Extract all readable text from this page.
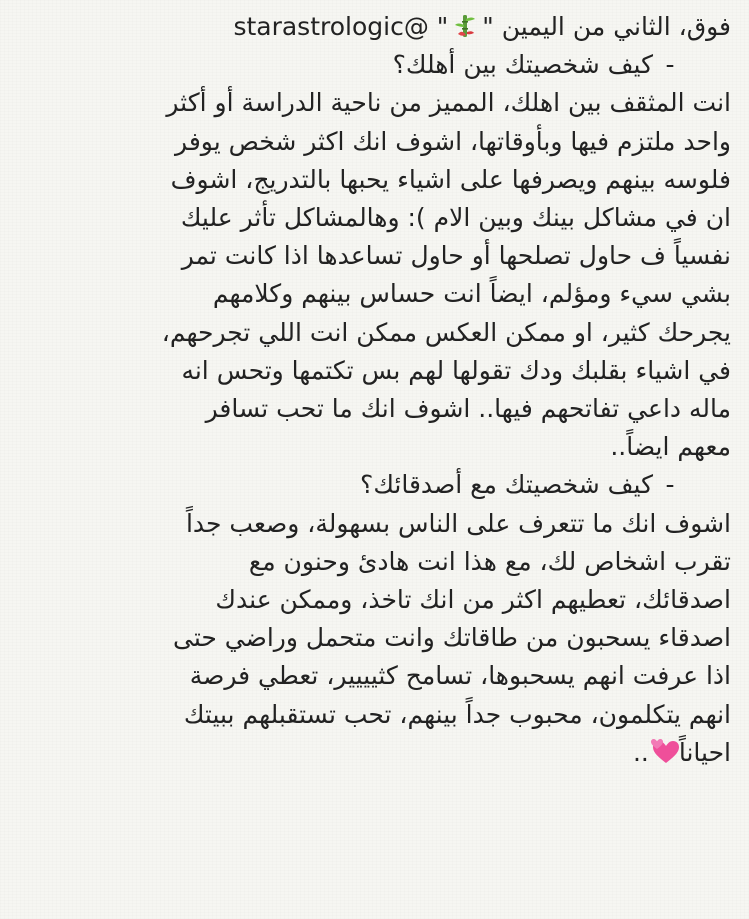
فوق، الثاني من اليمين "" @starastrologic
-كيف شخصيتك بين أهلك؟
انت المثقف بين اهلك، المميز من ناحية الدراسة أو أكثر
واحد ملتزم فيها وبأوقاتها، اشوف انك اكثر شخص يوفر
فلوسه بينهم ويصرفها على اشياء يحبها بالتدريج، اشوف
ان في مشاكل بينك وبين الام ): وهالمشاكل تأثر عليك
نفسياً ف حاول تصلحها أو حاول تساعدها اذا كانت تمر
بشي سيء ومؤلم، ايضاً انت حساس بينهم وكلامهم
يجرحك كثير، او ممكن العكس ممكن انت اللي تجرحهم،
في اشياء بقلبك ودك تقولها لهم بس تكتمها وتحس انه
ماله داعي تفاتحهم فيها.. اشوف انك ما تحب تسافر
معهم ايضاً..
-كيف شخصيتك مع أصدقائك؟
اشوف انك ما تتعرف على الناس بسهولة، وصعب جداً
تقرب اشخاص لك، مع هذا انت هادئ وحنون مع
اصدقائك، تعطيهم اكثر من انك تاخذ، وممكن عندك
اصدقاء يسحبون من طاقاتك وانت متحمل وراضي حتى
اذا عرفت انهم يسحبوها، تسامح كثيييير، تعطي فرصة
انهم يتكلمون، محبوب جداً بينهم، تحب تستقبلهم ببيتك
احياناً..
